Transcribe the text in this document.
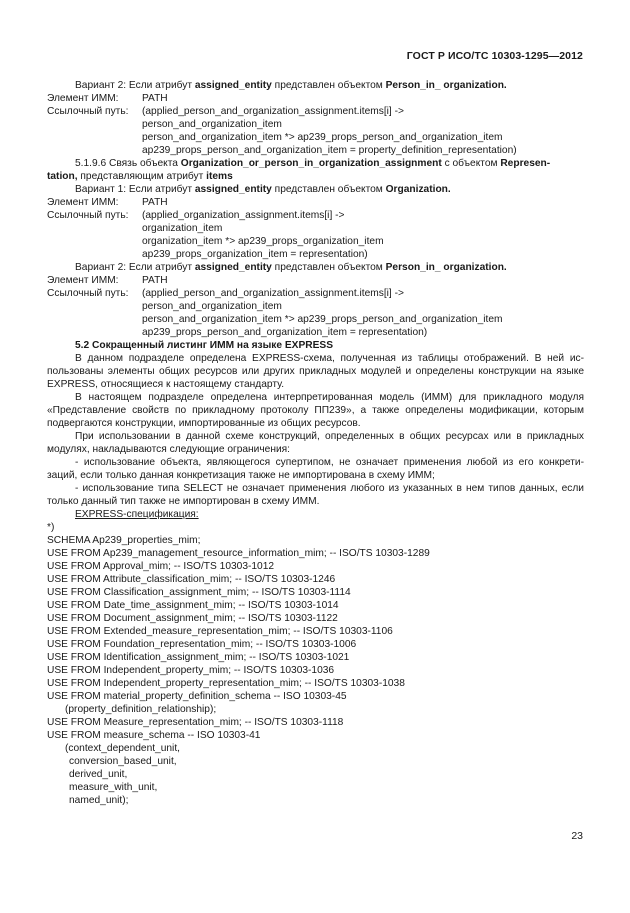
ГОСТ Р ИСО/ТС 10303-1295—2012
Вариант 2: Если атрибут assigned_entity представлен объектом Person_in_ organization.
Элемент ИММ: PATH
Ссылочный путь: (applied_person_and_organization_assignment.items[i] ->
person_and_organization_item
person_and_organization_item *> ap239_props_person_and_organization_item
ap239_props_person_and_organization_item = property_definition_representation)
5.1.9.6 Связь объекта Organization_or_person_in_organization_assignment с объектом Represen-
tation, представляющим атрибут items
Вариант 1: Если атрибут assigned_entity представлен объектом Organization.
Элемент ИММ: PATH
Ссылочный путь: (applied_organization_assignment.items[i] ->
organization_item
organization_item *> ap239_props_organization_item
ap239_props_organization_item = representation)
Вариант 2: Если атрибут assigned_entity представлен объектом Person_in_ organization.
Элемент ИММ: PATH
Ссылочный путь: (applied_person_and_organization_assignment.items[i] ->
person_and_organization_item
person_and_organization_item *> ap239_props_person_and_organization_item
ap239_props_person_and_organization_item = representation)
5.2 Сокращенный листинг ИММ на языке EXPRESS
В данном подразделе определена EXPRESS-схема, полученная из таблицы отображений. В ней ис-пользованы элементы общих ресурсов или других прикладных модулей и определены конструкции на языке EXPRESS, относящиеся к настоящему стандарту.
В настоящем подразделе определена интерпретированная модель (ИММ) для прикладного модуля «Представление свойств по прикладному протоколу ПП239», а также определены модификации, которым подвергаются конструкции, импортированные из общих ресурсов.
При использовании в данной схеме конструкций, определенных в общих ресурсах или в прикладных модулях, накладываются следующие ограничения:
- использование объекта, являющегося супертипом, не означает применения любой из его конкрети-заций, если только данная конкретизация также не импортирована в схему ИММ;
- использование типа SELECT не означает применения любого из указанных в нем типов данных, если только данный тип также не импортирован в схему ИММ.
EXPRESS-спецификация:
*)
SCHEMA Ap239_properties_mim;
USE FROM Ap239_management_resource_information_mim; -- ISO/TS 10303-1289
USE FROM Approval_mim; -- ISO/TS 10303-1012
USE FROM Attribute_classification_mim; -- ISO/TS 10303-1246
USE FROM Classification_assignment_mim; -- ISO/TS 10303-1114
USE FROM Date_time_assignment_mim; -- ISO/TS 10303-1014
USE FROM Document_assignment_mim; -- ISO/TS 10303-1122
USE FROM Extended_measure_representation_mim; -- ISO/TS 10303-1106
USE FROM Foundation_representation_mim; -- ISO/TS 10303-1006
USE FROM Identification_assignment_mim; -- ISO/TS 10303-1021
USE FROM Independent_property_mim; -- ISO/TS 10303-1036
USE FROM Independent_property_representation_mim; -- ISO/TS 10303-1038
USE FROM material_property_definition_schema -- ISO 10303-45
(property_definition_relationship);
USE FROM Measure_representation_mim; -- ISO/TS 10303-1118
USE FROM measure_schema -- ISO 10303-41
(context_dependent_unit,
conversion_based_unit,
derived_unit,
measure_with_unit,
named_unit);
23
